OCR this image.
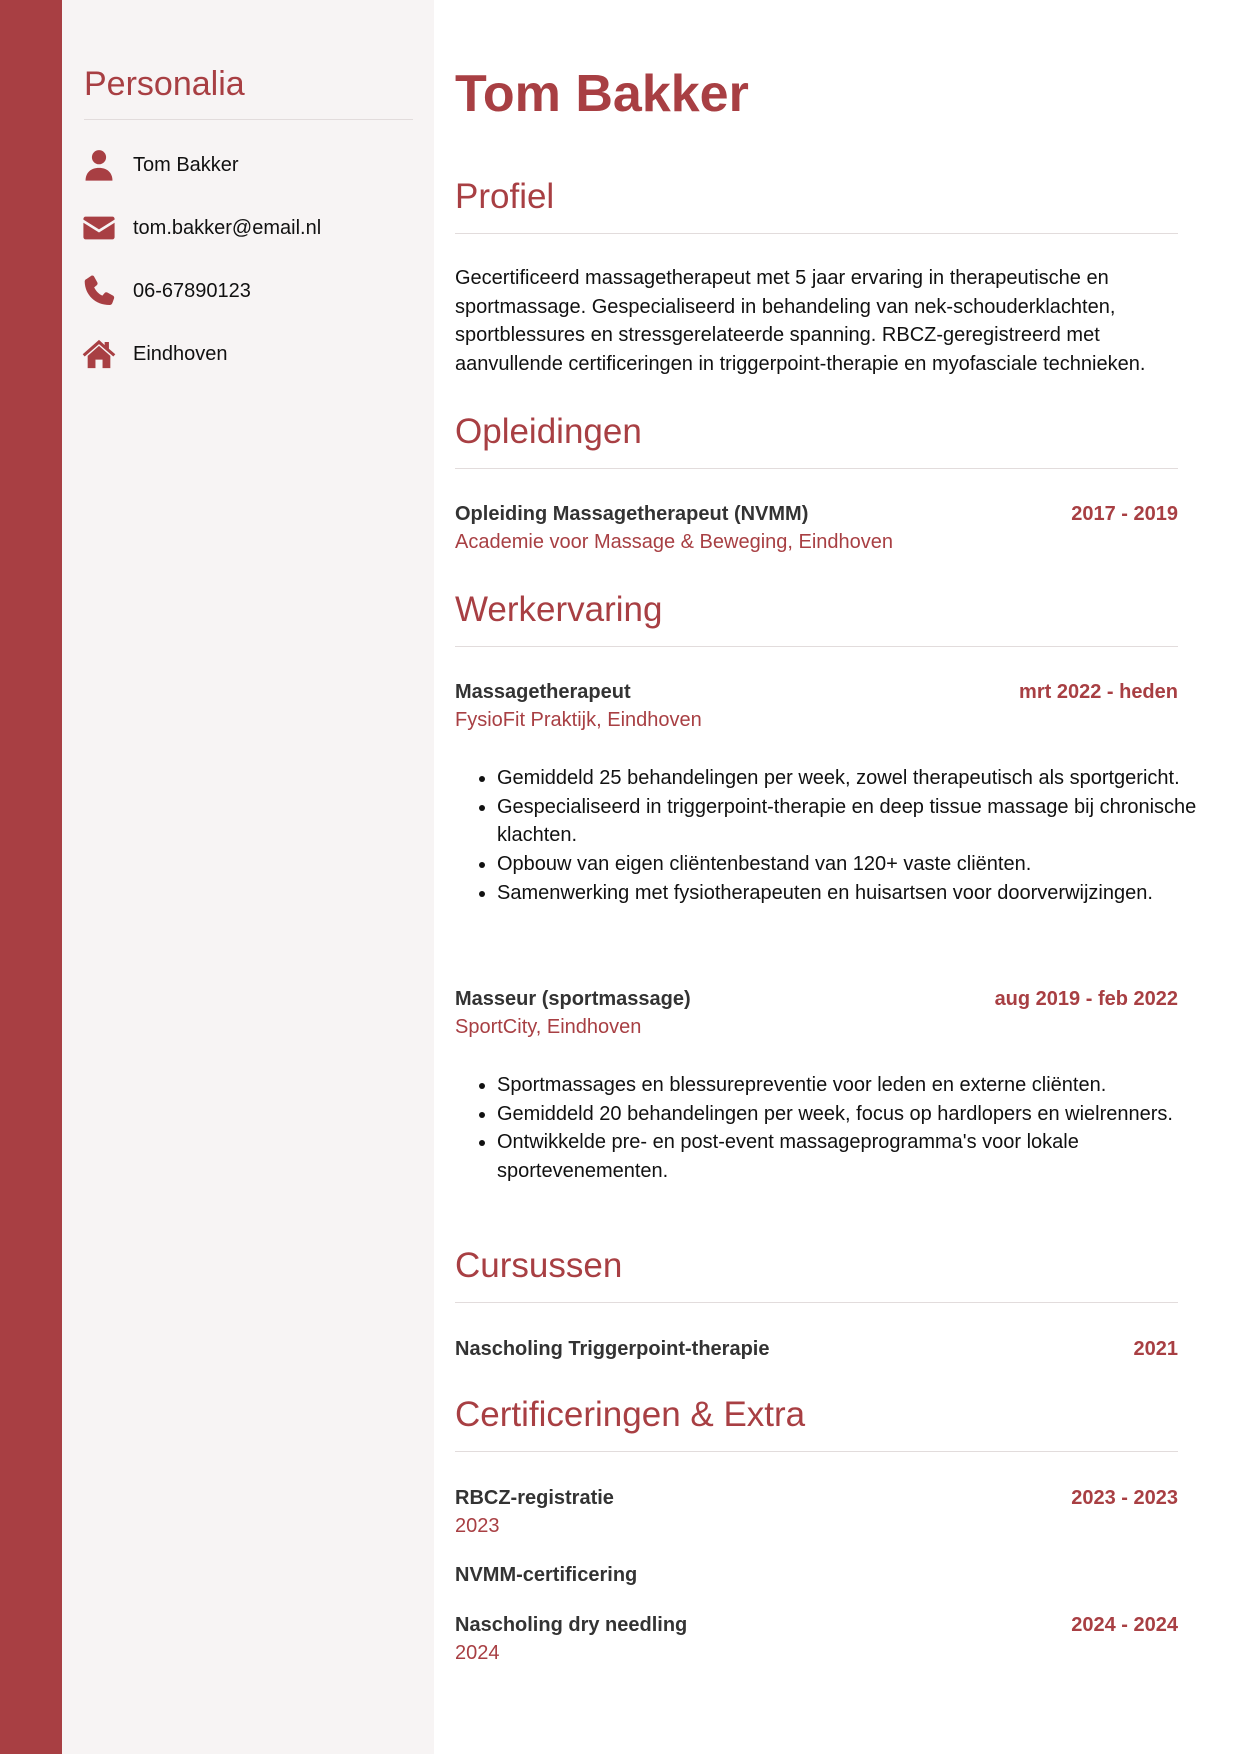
Personalia
Tom Bakker
tom.bakker@email.nl
06-67890123
Eindhoven
Tom Bakker
Profiel

Gecertificeerd massagetherapeut met 5 jaar ervaring in therapeutische en sportmassage. Gespecialiseerd in behandeling van nek-schouderklachten, sportblessures en stressgerelateerde spanning. RBCZ-geregistreerd met aanvullende certificeringen in triggerpoint-therapie en myofasciale technieken.

Opleidingen
Opleiding Massagetherapeut (NVMM)	2017 - 2019
Academie voor Massage & Beweging, Eindhoven
Werkervaring
Massagetherapeut	mrt 2022 - heden
FysioFit Praktijk, Eindhoven
• Gemiddeld 25 behandelingen per week, zowel therapeutisch als sportgericht.
• Gespecialiseerd in triggerpoint-therapie en deep tissue massage bij chronische klachten.
• Opbouw van eigen cliëntenbestand van 120+ vaste cliënten.
• Samenwerking met fysiotherapeuten en huisartsen voor doorverwijzingen.
Masseur (sportmassage)	aug 2019 - feb 2022
SportCity, Eindhoven
• Sportmassages en blessurepreventie voor leden en externe cliënten.
• Gemiddeld 20 behandelingen per week, focus op hardlopers en wielrenners.
• Ontwikkelde pre- en post-event massageprogramma's voor lokale sportevenementen.
Cursussen
Nascholing Triggerpoint-therapie	2021
Certificeringen & Extra
RBCZ-registratie	2023 - 2023
2023
NVMM-certificering
Nascholing dry needling	2024 - 2024
2024
